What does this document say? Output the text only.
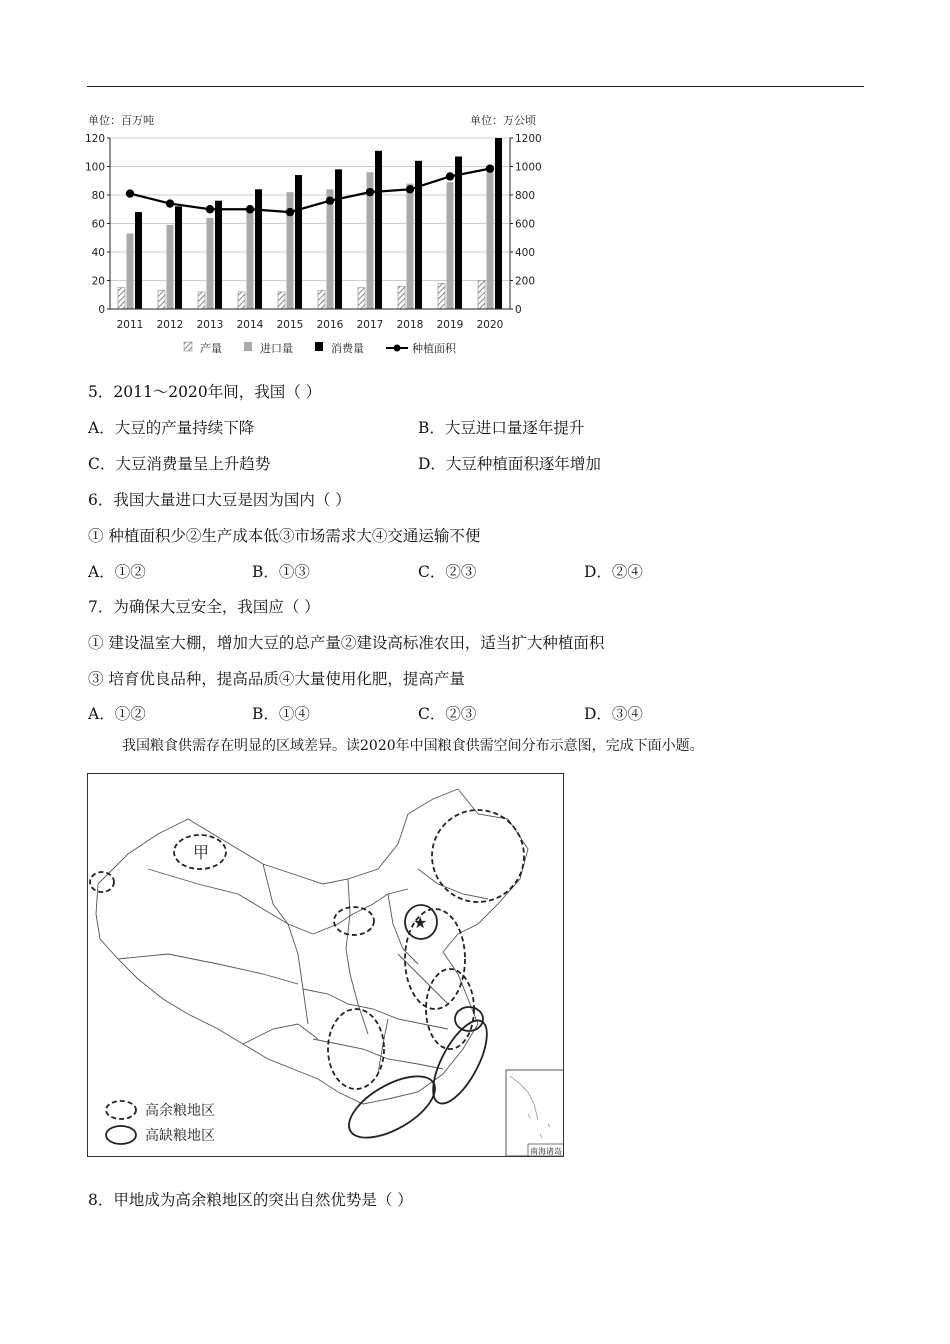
单位：百万吨	单位：万公顷
0
20
40
60
80
100
120
0
200
400
600
800
1000
1200
2011 2012 2013 2014 2015 2016 2017 2018 2019 2020
产量	进口量	消费量	种植面积
5．2011～2020年间，我国（ ）
A．大豆的产量持续下降	B．大豆进口量逐年提升
C．大豆消费量呈上升趋势	D．大豆种植面积逐年增加
6．我国大量进口大豆是因为国内（ ）
① 种植面积少②生产成本低③市场需求大④交通运输不便
A．①②	B．①③	C．②③	D．②④
7．为确保大豆安全，我国应（ ）
① 建设温室大棚，增加大豆的总产量②建设高标准农田，适当扩大种植面积
③ 培育优良品种，提高品质④大量使用化肥，提高产量
A．①②	B．①④	C．②③	D．③④
我国粮食供需存在明显的区域差异。读2020年中国粮食供需空间分布示意图，完成下面小题。
★
甲
南海诸岛
高余粮地区
高缺粮地区
8．甲地成为高余粮地区的突出自然优势是（ ）
